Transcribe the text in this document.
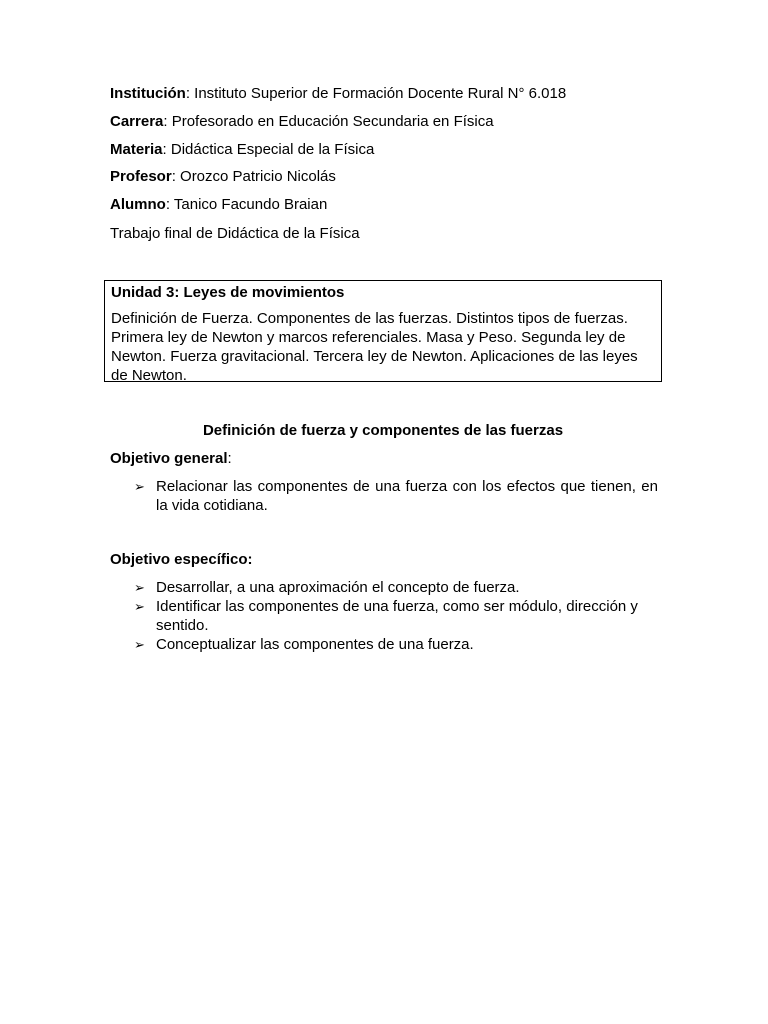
Institución: Instituto Superior de Formación Docente Rural N° 6.018
Carrera: Profesorado en Educación Secundaria en Física
Materia: Didáctica Especial de la Física
Profesor: Orozco Patricio Nicolás
Alumno: Tanico Facundo Braian
Trabajo final de Didáctica de la Física
Unidad 3: Leyes de movimientos
Definición de Fuerza. Componentes de las fuerzas. Distintos tipos de fuerzas. Primera ley de Newton y marcos referenciales. Masa y Peso. Segunda ley de Newton. Fuerza gravitacional. Tercera ley de Newton. Aplicaciones de las leyes de Newton.
Definición de fuerza y componentes de las fuerzas
Objetivo general:
➢ Relacionar las componentes de una fuerza con los efectos que tienen, en la vida cotidiana.
Objetivo específico:
➢ Desarrollar, a una aproximación el concepto de fuerza.
➢ Identificar las componentes de una fuerza, como ser módulo, dirección y sentido.
➢ Conceptualizar las componentes de una fuerza.
